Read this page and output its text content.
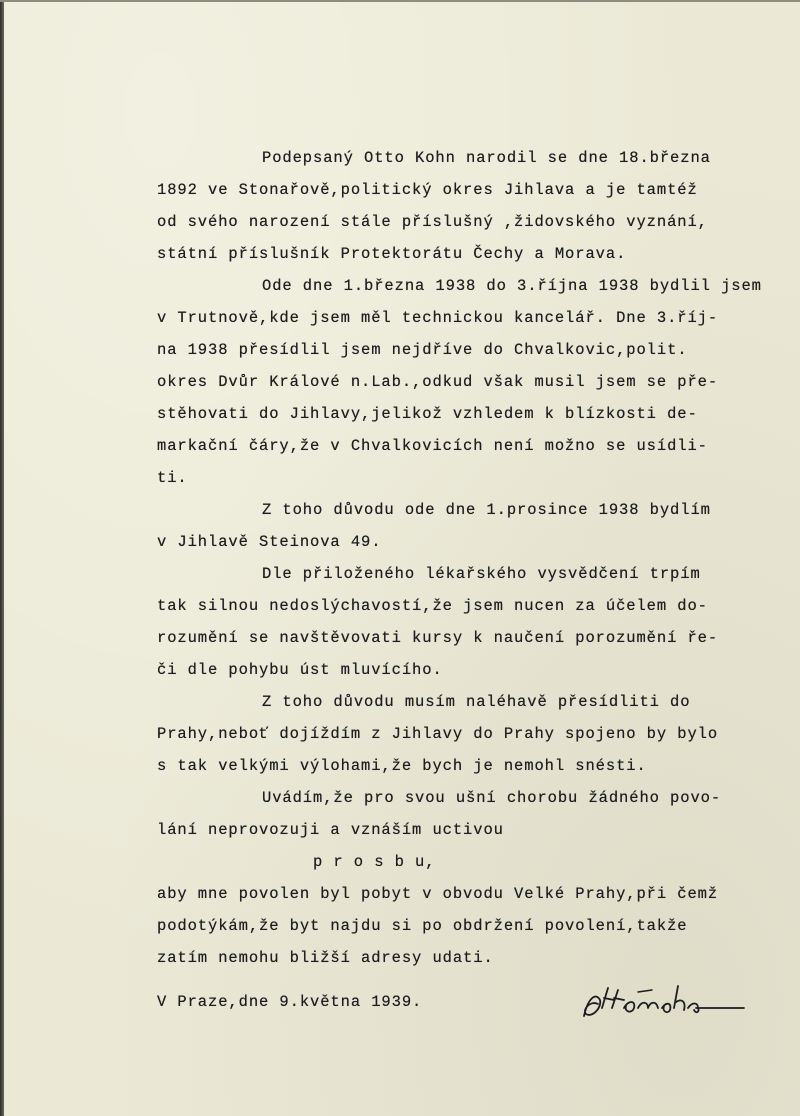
Podepsaný Otto Kohn narodil se dne 18.března
1892 ve Stonařově,politický okres Jihlava a je tamtéž
od svého narození stále příslušný ,židovského vyznání,
státní příslušník Protektorátu Čechy a Morava.
Ode dne 1.března 1938 do 3.října 1938 bydlil jsem
v Trutnově,kde jsem měl technickou kancelář. Dne 3.říj-
na 1938 přesídlil jsem nejdříve do Chvalkovic,polit.
okres Dvůr Králové n.Lab.,odkud však musil jsem se pře-
stěhovati do Jihlavy,jelikož vzhledem k blízkosti de-
markační čáry,že v Chvalkovicích není možno se usídli-
ti.
Z toho důvodu ode dne 1.prosince 1938 bydlím
v Jihlavě Steinova 49.
Dle přiloženého lékařského vysvědčení trpím
tak silnou nedoslýchavostí,že jsem nucen za účelem do-
rozumění se navštěvovati kursy k naučení porozumění ře-
či dle pohybu úst mluvícího.
Z toho důvodu musím naléhavě přesídliti do
Prahy,neboť dojíždím z Jihlavy do Prahy spojeno by bylo
s tak velkými výlohami,že bych je nemohl snésti.
Uvádím,že pro svou ušní chorobu žádného povo-
lání neprovozuji a vznáším uctivou
p r o s b u,
aby mne povolen byl pobyt v obvodu Velké Prahy,při čemž
podotýkám,že byt najdu si po obdržení povolení,takže
zatím nemohu bližší adresy udati.
V Praze,dne 9.května 1939.
